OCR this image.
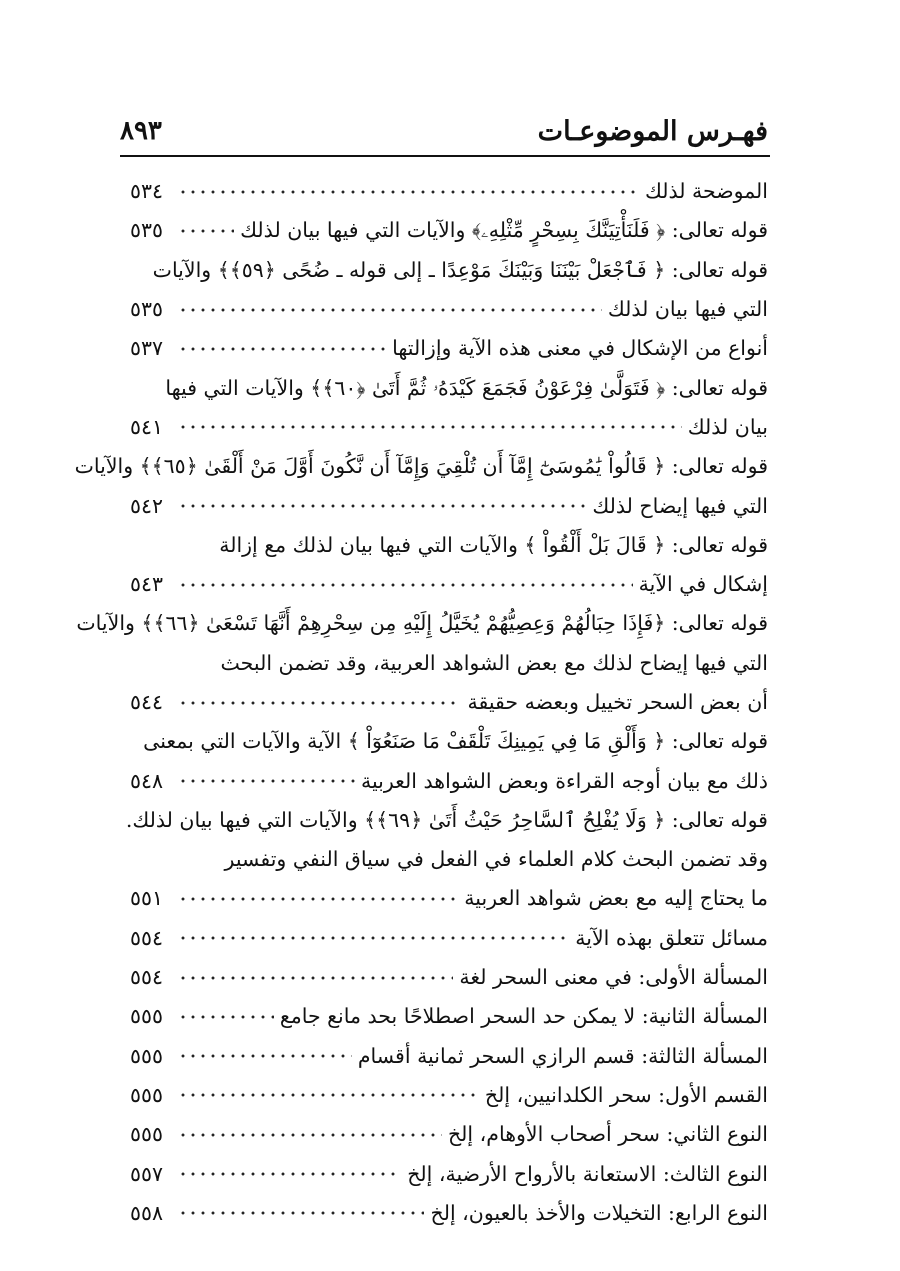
فهـرس الموضوعـات
٨٩٣
الموضحة لذلك
٥٣٤
قوله تعالى: ﴿ فَلَنَأْتِيَنَّكَ بِسِحْرٍ مِّثْلِهِۦ﴾ والآيات التي فيها بيان لذلك
٥٣٥
قوله تعالى: ﴿ فَٱجْعَلْ بَيْنَنَا وَبَيْنَكَ مَوْعِدًا ـ إلى قوله ـ ضُحًى ﴿٥٩﴾﴾ والآيات
التي فيها بيان لذلك
٥٣٥
أنواع من الإشكال في معنى هذه الآية وإزالتها
٥٣٧
قوله تعالى: ﴿ فَتَوَلَّىٰ فِرْعَوْنُ فَجَمَعَ كَيْدَهُۥ ثُمَّ أَتَىٰ ﴿٦٠﴾﴾ والآيات التي فيها
بيان لذلك
٥٤١
قوله تعالى: ﴿ قَالُواْ يَٰمُوسَىٰٓ إِمَّآ أَن تُلْقِيَ وَإِمَّآ أَن نَّكُونَ أَوَّلَ مَنْ أَلْقَىٰ ﴿٦٥﴾﴾ والآيات
التي فيها إيضاح لذلك
٥٤٢
قوله تعالى: ﴿ قَالَ بَلْ أَلْقُواْ ﴾ والآيات التي فيها بيان لذلك مع إزالة
إشكال في الآية
٥٤٣
قوله تعالى: ﴿فَإِذَا حِبَالُهُمْ وَعِصِيُّهُمْ يُخَيَّلُ إِلَيْهِ مِن سِحْرِهِمْ أَنَّهَا تَسْعَىٰ ﴿٦٦﴾﴾ والآيات
التي فيها إيضاح لذلك مع بعض الشواهد العربية، وقد تضمن البحث
أن بعض السحر تخييل وبعضه حقيقة
٥٤٤
قوله تعالى: ﴿ وَأَلْقِ مَا فِي يَمِينِكَ تَلْقَفْ مَا صَنَعُوٓاْ ﴾ الآية والآيات التي بمعنى
ذلك مع بيان أوجه القراءة وبعض الشواهد العربية
٥٤٨
قوله تعالى: ﴿ وَلَا يُفْلِحُ ٱلسَّاحِرُ حَيْثُ أَتَىٰ ﴿٦٩﴾﴾ والآيات التي فيها بيان لذلك.
وقد تضمن البحث كلام العلماء في الفعل في سياق النفي وتفسير
ما يحتاج إليه مع بعض شواهد العربية
٥٥١
مسائل تتعلق بهذه الآية
٥٥٤
المسألة الأولى: في معنى السحر لغة
٥٥٤
المسألة الثانية: لا يمكن حد السحر اصطلاحًا بحد مانع جامع
٥٥٥
المسألة الثالثة: قسم الرازي السحر ثمانية أقسام
٥٥٥
القسم الأول: سحر الكلدانيين، إلخ
٥٥٥
النوع الثاني: سحر أصحاب الأوهام، إلخ
٥٥٥
النوع الثالث: الاستعانة بالأرواح الأرضية، إلخ
٥٥٧
النوع الرابع: التخيلات والأخذ بالعيون، إلخ
٥٥٨
